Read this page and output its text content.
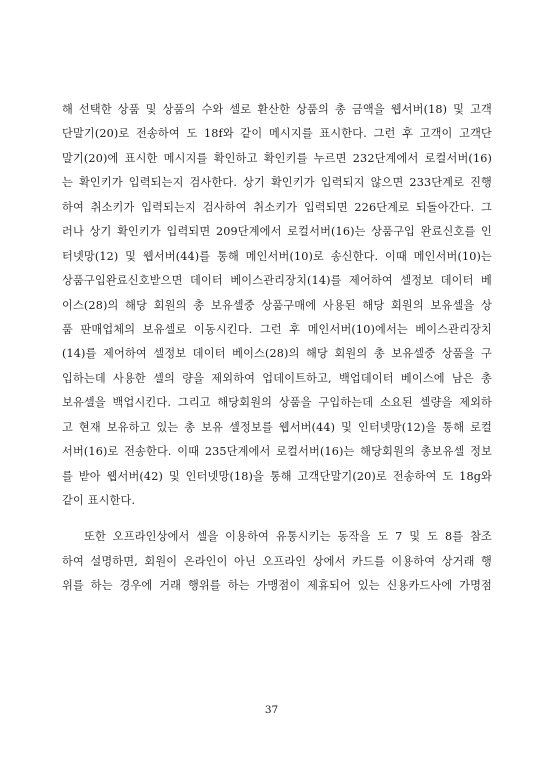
해 선택한 상품 및 상품의 수와 셀로 환산한 상품의 총 금액을 웹서버(18) 및 고객
단말기(20)로 전송하여 도 18f와 같이 메시지를 표시한다. 그런 후 고객이 고객단
말기(20)에 표시한 메시지를 확인하고 확인키를 누르면 232단계에서 로컬서버(16)
는 확인키가 입력되는지 검사한다. 상기 확인키가 입력되지 않으면 233단계로 진행
하여 취소키가 입력되는지 검사하여 취소키가 입력되면 226단계로 되돌아간다. 그
러나 상기 확인키가 입력되면 209단계에서 로컬서버(16)는 상품구입 완료신호를 인
터넷망(12) 및 웹서버(44)를 통해 메인서버(10)로 송신한다. 이때 메인서버(10)는
상품구입완료신호받으면 데이터 베이스관리장치(14)를 제어하여 셀정보 데이터 베
이스(28)의 해당 회원의 총 보유셀중 상품구매에 사용된 해당 회원의 보유셀을 상
품 판매업체의 보유셀로 이동시킨다. 그런 후 메인서버(10)에서는 베이스관리장치
(14)를 제어하여 셀정보 데이터 베이스(28)의 해당 회원의 총 보유셀중 상품을 구
입하는데 사용한 셀의 량을 제외하여 업데이트하고, 백업데이터 베이스에 남은 총
보유셀을 백업시킨다. 그리고 해당회원의 상품을 구입하는데 소요된 셀량을 제외하
고 현재 보유하고 있는 총 보유 셀정보를 웹서버(44) 및 인터넷망(12)을 통해 로컬
서버(16)로 전송한다. 이때 235단계에서 로컬서버(16)는 해당회원의 총보유셀 정보
를 받아 웹서버(42) 및 인터넷망(18)을 통해 고객단말기(20)로 전송하여 도 18g와
같이 표시한다.
또한 오프라인상에서 셀을 이용하여 유통시키는 동작을 도 7 및 도 8를 참조
하여 설명하면, 회원이 온라인이 아닌 오프라인 상에서 카드를 이용하여 상거래 행
위를 하는 경우에 거래 행위를 하는 가맹점이 제휴되어 있는 신용카드사에 가명점
37
